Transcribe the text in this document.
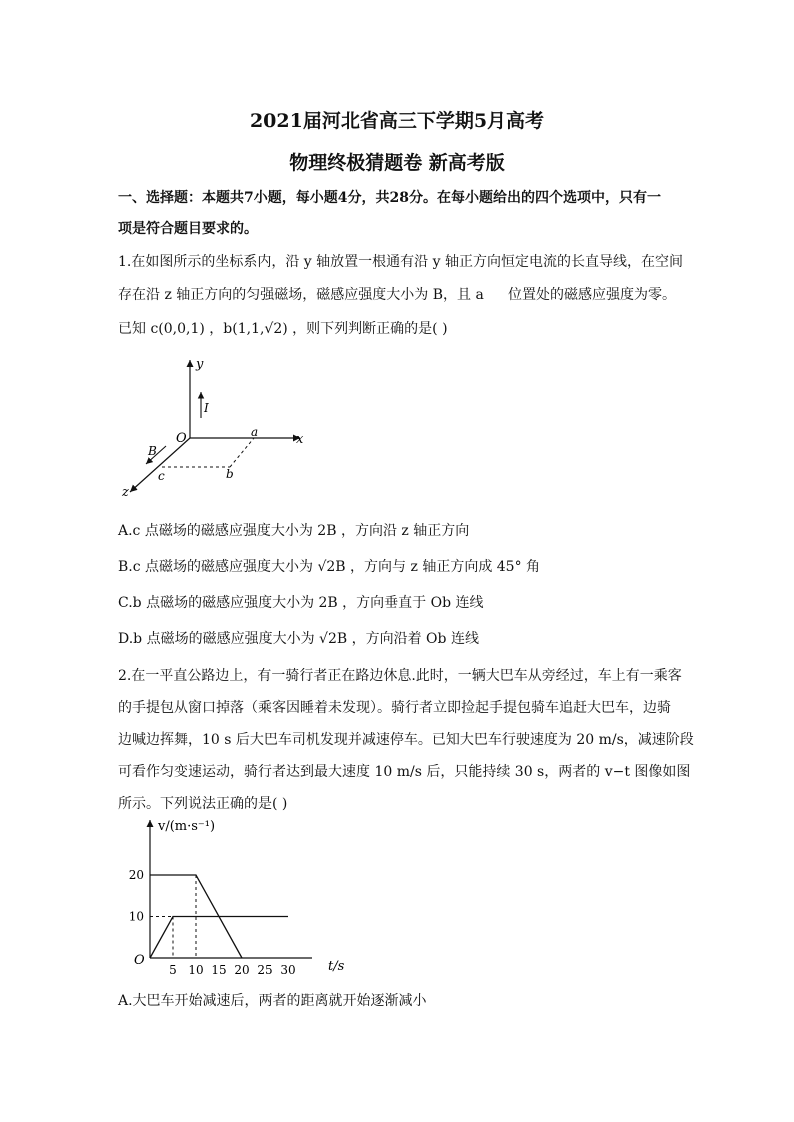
2021届河北省高三下学期5月高考
物理终极猜题卷 新高考版
一、选择题：本题共7小题，每小题4分，共28分。在每小题给出的四个选项中，只有一
项是符合题目要求的。
1.在如图所示的坐标系内，沿 y 轴放置一根通有沿 y 轴正方向恒定电流的长直导线，在空间
存在沿 z 轴正方向的匀强磁场，磁感应强度大小为 B，且 a 位置处的磁感应强度为零。
已知 c(0,0,1) ，b(1,1,√2) ，则下列判断正确的是( )
y
x
z
O
I
B
a
b
c
A.c 点磁场的磁感应强度大小为 2B ，方向沿 z 轴正方向
B.c 点磁场的磁感应强度大小为 √2B ，方向与 z 轴正方向成 45° 角
C.b 点磁场的磁感应强度大小为 2B ，方向垂直于 Ob 连线
D.b 点磁场的磁感应强度大小为 √2B ，方向沿着 Ob 连线
2.在一平直公路边上，有一骑行者正在路边休息.此时，一辆大巴车从旁经过，车上有一乘客
的手提包从窗口掉落（乘客因睡着未发现）。骑行者立即捡起手提包骑车追赶大巴车，边骑
边喊边挥舞，10 s 后大巴车司机发现并减速停车。已知大巴车行驶速度为 20 m/s，减速阶段
可看作匀变速运动，骑行者达到最大速度 10 m/s 后，只能持续 30 s，两者的 v−t 图像如图
所示。下列说法正确的是( )
v/(m·s⁻¹)
t/s
O
5 10 15 20 25 30
10
20
A.大巴车开始减速后，两者的距离就开始逐渐减小
